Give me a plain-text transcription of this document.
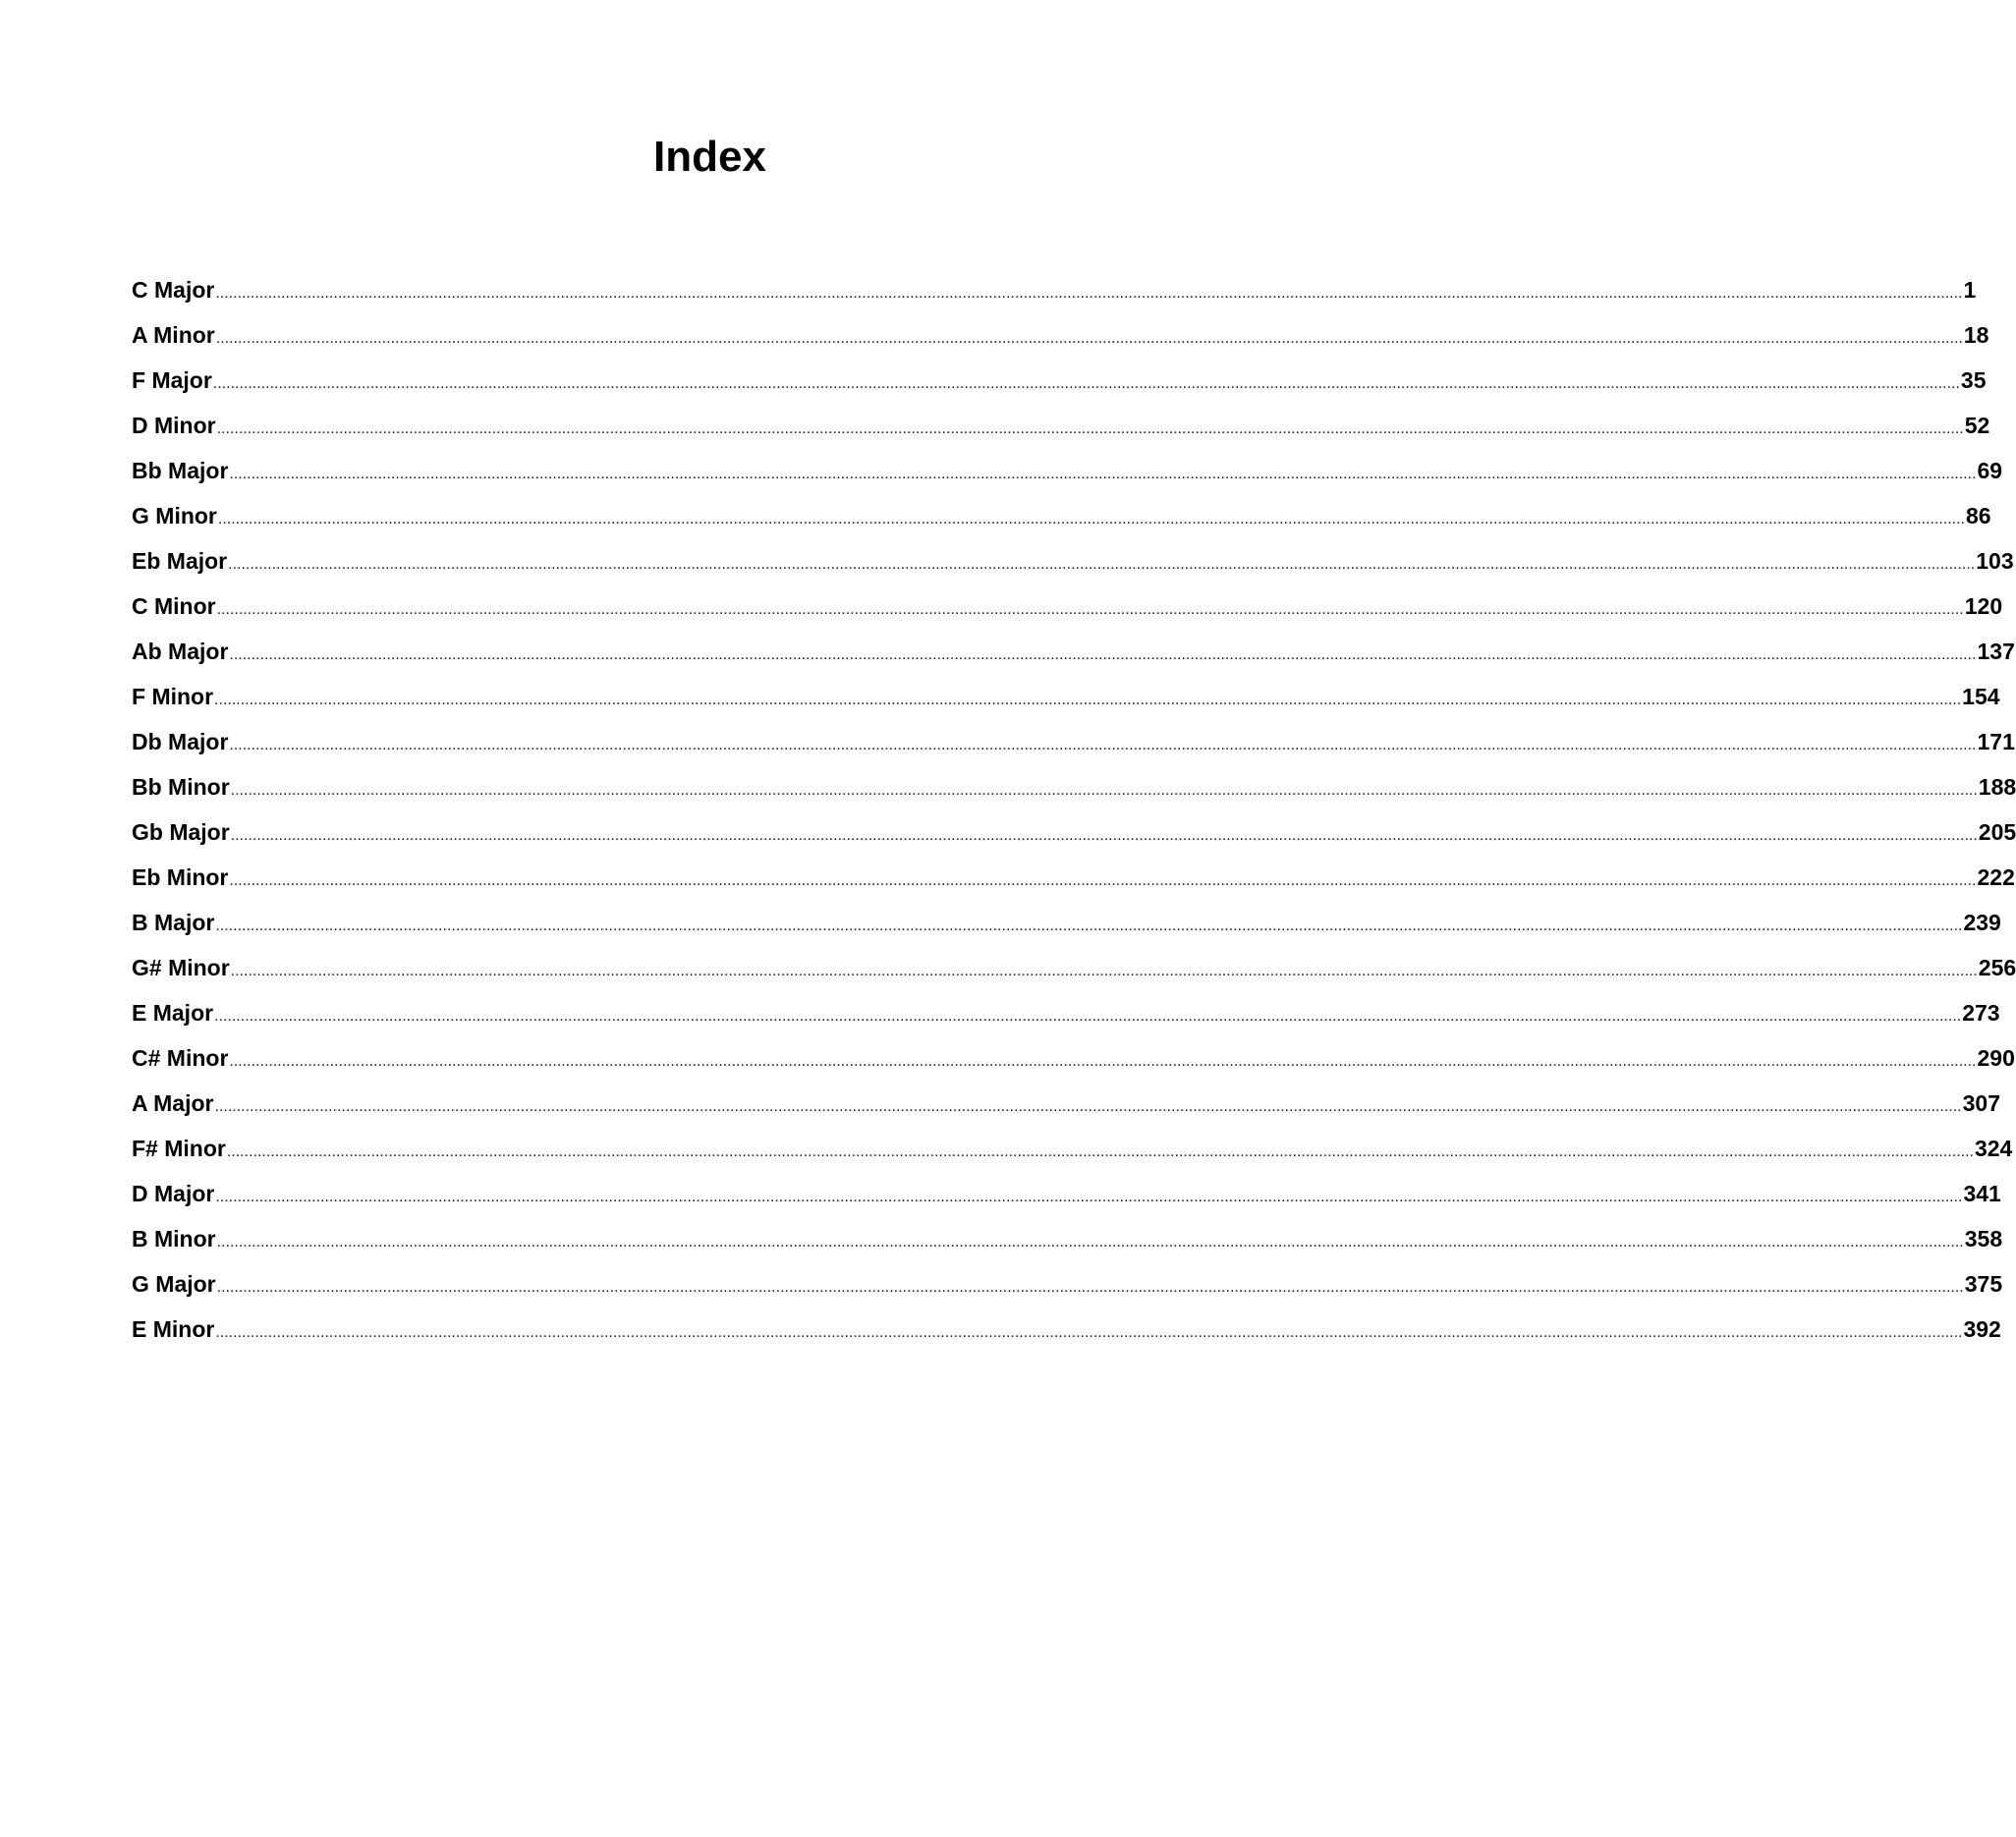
Index
C Major ................................................................................................................................................................................................................................................................................................................................................................................................................ 1
A Minor ................................................................................................................................................................................................................................................................................................................................................................................................................ 18
F Major ................................................................................................................................................................................................................................................................................................................................................................................................................ 35
D Minor ................................................................................................................................................................................................................................................................................................................................................................................................................ 52
Bb Major ................................................................................................................................................................................................................................................................................................................................................................................................................ 69
G Minor ................................................................................................................................................................................................................................................................................................................................................................................................................ 86
Eb Major ................................................................................................................................................................................................................................................................................................................................................................................................................ 103
C Minor ................................................................................................................................................................................................................................................................................................................................................................................................................ 120
Ab Major ................................................................................................................................................................................................................................................................................................................................................................................................................ 137
F Minor ................................................................................................................................................................................................................................................................................................................................................................................................................ 154
Db Major ................................................................................................................................................................................................................................................................................................................................................................................................................ 171
Bb Minor ................................................................................................................................................................................................................................................................................................................................................................................................................ 188
Gb Major ................................................................................................................................................................................................................................................................................................................................................................................................................ 205
Eb Minor ................................................................................................................................................................................................................................................................................................................................................................................................................ 222
B Major ................................................................................................................................................................................................................................................................................................................................................................................................................ 239
G# Minor ................................................................................................................................................................................................................................................................................................................................................................................................................ 256
E Major ................................................................................................................................................................................................................................................................................................................................................................................................................ 273
C# Minor ................................................................................................................................................................................................................................................................................................................................................................................................................ 290
A Major ................................................................................................................................................................................................................................................................................................................................................................................................................ 307
F# Minor ................................................................................................................................................................................................................................................................................................................................................................................................................ 324
D Major ................................................................................................................................................................................................................................................................................................................................................................................................................ 341
B Minor ................................................................................................................................................................................................................................................................................................................................................................................................................ 358
G Major ................................................................................................................................................................................................................................................................................................................................................................................................................ 375
E Minor ................................................................................................................................................................................................................................................................................................................................................................................................................ 392
